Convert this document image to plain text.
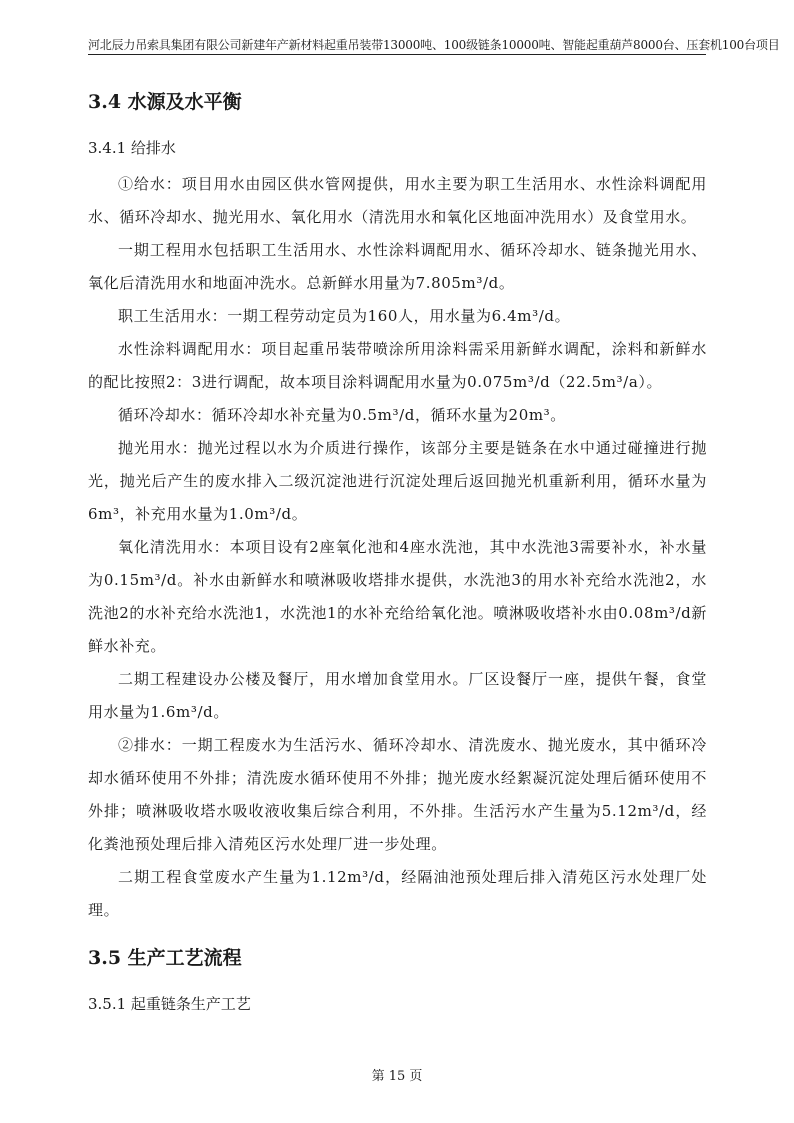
河北辰力吊索具集团有限公司新建年产新材料起重吊装带13000吨、100级链条10000吨、智能起重葫芦8000台、压套机100台项目
3.4 水源及水平衡
3.4.1 给排水

①给水：项目用水由园区供水管网提供，用水主要为职工生活用水、水性涂料调配用水、循环冷却水、抛光用水、氧化用水（清洗用水和氧化区地面冲洗用水）及食堂用水。

一期工程用水包括职工生活用水、水性涂料调配用水、循环冷却水、链条抛光用水、氧化后清洗用水和地面冲洗水。总新鲜水用量为7.805m³/d。

职工生活用水：一期工程劳动定员为160人，用水量为6.4m³/d。

水性涂料调配用水：项目起重吊装带喷涂所用涂料需采用新鲜水调配，涂料和新鲜水的配比按照2：3进行调配，故本项目涂料调配用水量为0.075m³/d（22.5m³/a）。

循环冷却水：循环冷却水补充量为0.5m³/d，循环水量为20m³。

抛光用水：抛光过程以水为介质进行操作，该部分主要是链条在水中通过碰撞进行抛光，抛光后产生的废水排入二级沉淀池进行沉淀处理后返回抛光机重新利用，循环水量为6m³，补充用水量为1.0m³/d。

氧化清洗用水：本项目设有2座氧化池和4座水洗池，其中水洗池3需要补水，补水量为0.15m³/d。补水由新鲜水和喷淋吸收塔排水提供，水洗池3的用水补充给水洗池2，水洗池2的水补充给水洗池1，水洗池1的水补充给给氧化池。喷淋吸收塔补水由0.08m³/d新鲜水补充。

二期工程建设办公楼及餐厅，用水增加食堂用水。厂区设餐厅一座，提供午餐，食堂用水量为1.6m³/d。

②排水：一期工程废水为生活污水、循环冷却水、清洗废水、抛光废水，其中循环冷却水循环使用不外排；清洗废水循环使用不外排；抛光废水经絮凝沉淀处理后循环使用不外排；喷淋吸收塔水吸收液收集后综合利用，不外排。生活污水产生量为5.12m³/d，经化粪池预处理后排入清苑区污水处理厂进一步处理。

二期工程食堂废水产生量为1.12m³/d，经隔油池预处理后排入清苑区污水处理厂处理。

3.5 生产工艺流程
3.5.1 起重链条生产工艺
第 15 页
